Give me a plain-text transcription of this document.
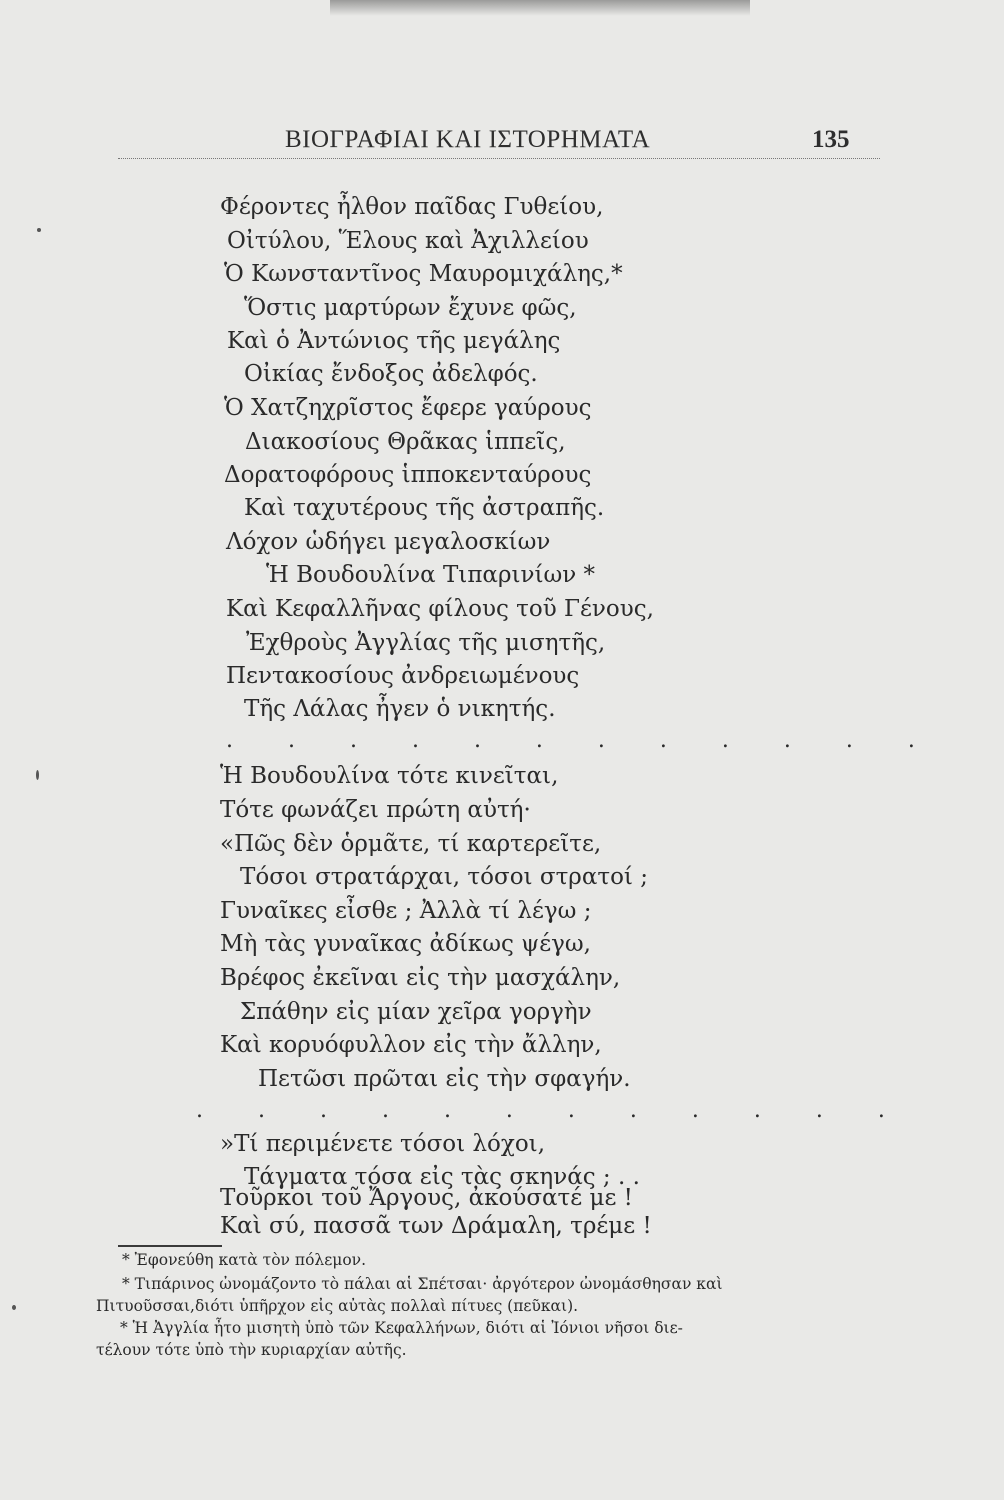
ΒΙΟΓΡΑΦΙΑΙ ΚΑΙ ΙΣΤΟΡΗΜΑΤΑ	135
Φέροντες ἦλθον παῖδας Γυθείου,
Οἰτύλου, Ἕλους καὶ Ἀχιλλείου
Ὁ Κωνσταντῖνος Μαυρομιχάλης,*
Ὅστις μαρτύρων ἔχυνε φῶς,
Καὶ ὁ Ἀντώνιος τῆς μεγάλης
Οἰκίας ἔνδοξος ἀδελφός.
Ὁ Χατζηχρῖστος ἔφερε γαύρους
Διακοσίους Θρᾶκας ἱππεῖς,
Δορατοφόρους ἱπποκενταύρους
Καὶ ταχυτέρους τῆς ἀστραπῆς.
Λόχον ὡδήγει μεγαλοσκίων
Ἡ Βουδουλίνα Τιπαρινίων *
Καὶ Κεφαλλῆνας φίλους τοῦ Γένους,
Ἐχθροὺς Ἀγγλίας τῆς μισητῆς,
Πεντακοσίους ἀνδρειωμένους
Τῆς Λάλας ἦγεν ὁ νικητής.
. . . . . . . . . . . .
Ἡ Βουδουλίνα τότε κινεῖται,
Τότε φωνάζει πρώτη αὐτή·
«Πῶς δὲν ὁρμᾶτε, τί καρτερεῖτε,
Τόσοι στρατάρχαι, τόσοι στρατοί ;
Γυναῖκες εἶσθε ; Ἀλλὰ τί λέγω ;
Μὴ τὰς γυναῖκας ἀδίκως ψέγω,
Βρέφος ἐκεῖναι εἰς τὴν μασχάλην,
Σπάθην εἰς μίαν χεῖρα γοργὴν
Καὶ κορυόφυλλον εἰς τὴν ἄλλην,
Πετῶσι πρῶται εἰς τὴν σφαγήν.
. . . . . . . . . . . .
»Τί περιμένετε τόσοι λόχοι,
Τάγματα τόσα εἰς τὰς σκηνάς ; . .
Τοῦρκοι τοῦ Ἄργους, ἀκούσατέ με !
Καὶ σύ, πασσᾶ των Δράμαλη, τρέμε !
* Ἐφονεύθη κατὰ τὸν πόλεμον.
* Τιπάρινος ὠνομάζοντο τὸ πάλαι αἱ Σπέτσαι· ἀργότερον ὠνομάσθησαν καὶ
Πιτυοῦσσαι,διότι ὑπῆρχον εἰς αὐτὰς πολλαὶ πίτυες (πεῦκαι).
* Ἡ Ἀγγλία ἦτο μισητὴ ὑπὸ τῶν Κεφαλλήνων, διότι αἱ Ἰόνιοι νῆσοι διε-
τέλουν τότε ὑπὸ τὴν κυριαρχίαν αὐτῆς.
